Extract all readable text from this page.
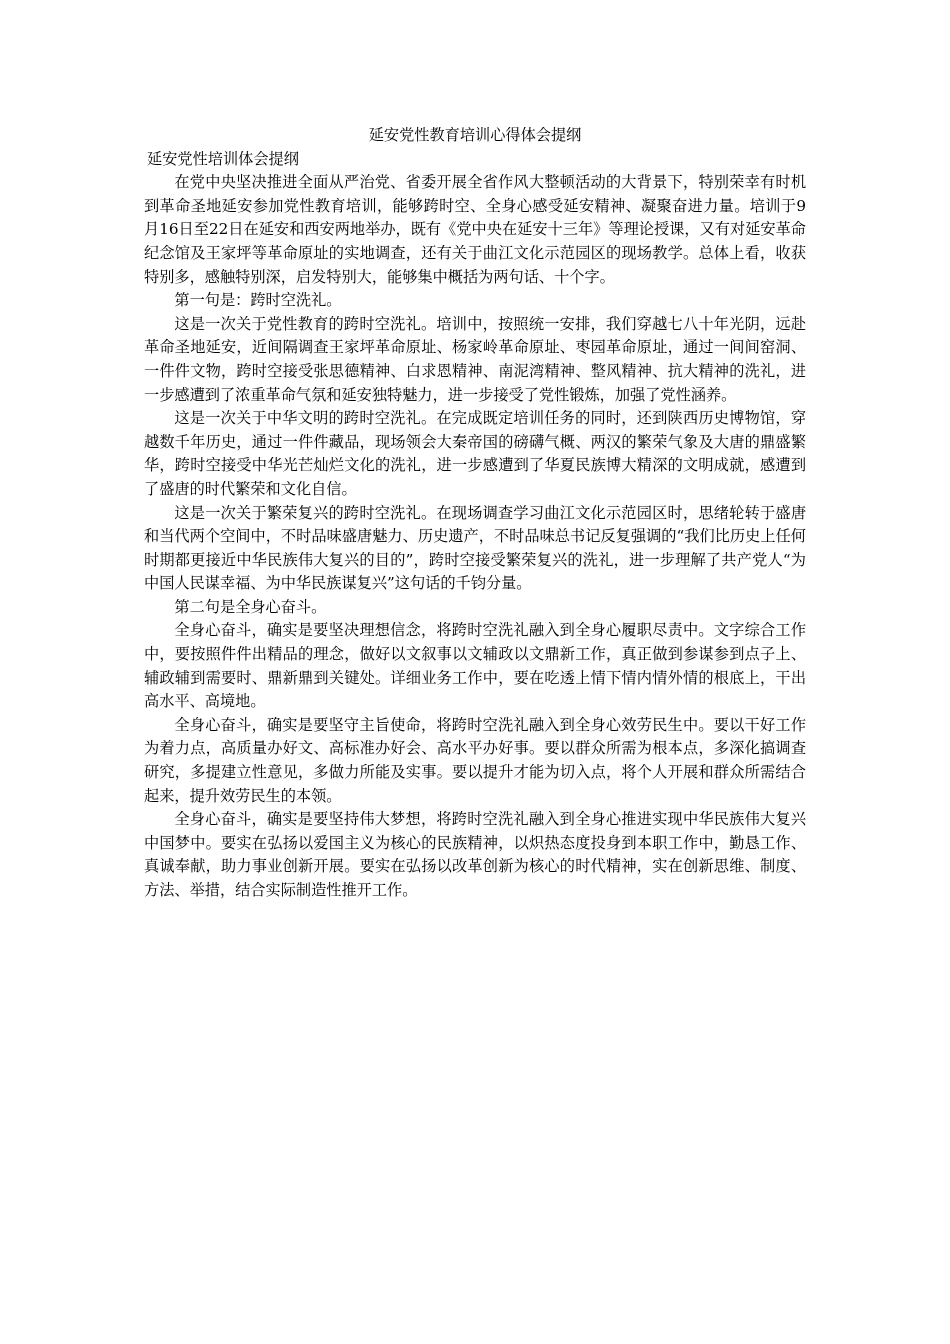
延安党性教育培训心得体会提纲

延安党性培训体会提纲

在党中央坚决推进全面从严治党、省委开展全省作风大整顿活动的大背景下，特别荣幸有时机到革命圣地延安参加党性教育培训，能够跨时空、全身心感受延安精神、凝聚奋进力量。培训于9月16日至22日在延安和西安两地举办，既有《党中央在延安十三年》等理论授课，又有对延安革命纪念馆及王家坪等革命原址的实地调查，还有关于曲江文化示范园区的现场教学。总体上看，收获特别多，感触特别深，启发特别大，能够集中概括为两句话、十个字。

第一句是：跨时空洗礼。

这是一次关于党性教育的跨时空洗礼。培训中，按照统一安排，我们穿越七八十年光阴，远赴革命圣地延安，近间隔调查王家坪革命原址、杨家岭革命原址、枣园革命原址，通过一间间窑洞、一件件文物，跨时空接受张思德精神、白求恩精神、南泥湾精神、整风精神、抗大精神的洗礼，进一步感遭到了浓重革命气氛和延安独特魅力，进一步接受了党性锻炼，加强了党性涵养。

这是一次关于中华文明的跨时空洗礼。在完成既定培训任务的同时，还到陕西历史博物馆，穿越数千年历史，通过一件件藏品，现场领会大秦帝国的磅礴气概、两汉的繁荣气象及大唐的鼎盛繁华，跨时空接受中华光芒灿烂文化的洗礼，进一步感遭到了华夏民族博大精深的文明成就，感遭到了盛唐的时代繁荣和文化自信。

这是一次关于繁荣复兴的跨时空洗礼。在现场调查学习曲江文化示范园区时，思绪轮转于盛唐和当代两个空间中，不时品味盛唐魅力、历史遗产，不时品味总书记反复强调的“我们比历史上任何时期都更接近中华民族伟大复兴的目的”，跨时空接受繁荣复兴的洗礼，进一步理解了共产党人“为中国人民谋幸福、为中华民族谋复兴”这句话的千钧分量。

第二句是全身心奋斗。

全身心奋斗，确实是要坚决理想信念，将跨时空洗礼融入到全身心履职尽责中。文字综合工作中，要按照件件出精品的理念，做好以文叙事以文辅政以文鼎新工作，真正做到参谋参到点子上、辅政辅到需要时、鼎新鼎到关键处。详细业务工作中，要在吃透上情下情内情外情的根底上，干出高水平、高境地。

全身心奋斗，确实是要坚守主旨使命，将跨时空洗礼融入到全身心效劳民生中。要以干好工作为着力点，高质量办好文、高标准办好会、高水平办好事。要以群众所需为根本点，多深化搞调查研究，多提建立性意见，多做力所能及实事。要以提升才能为切入点，将个人开展和群众所需结合起来，提升效劳民生的本领。

全身心奋斗，确实是要坚持伟大梦想，将跨时空洗礼融入到全身心推进实现中华民族伟大复兴中国梦中。要实在弘扬以爱国主义为核心的民族精神，以炽热态度投身到本职工作中，勤恳工作、真诚奉献，助力事业创新开展。要实在弘扬以改革创新为核心的时代精神，实在创新思维、制度、方法、举措，结合实际制造性推开工作。
